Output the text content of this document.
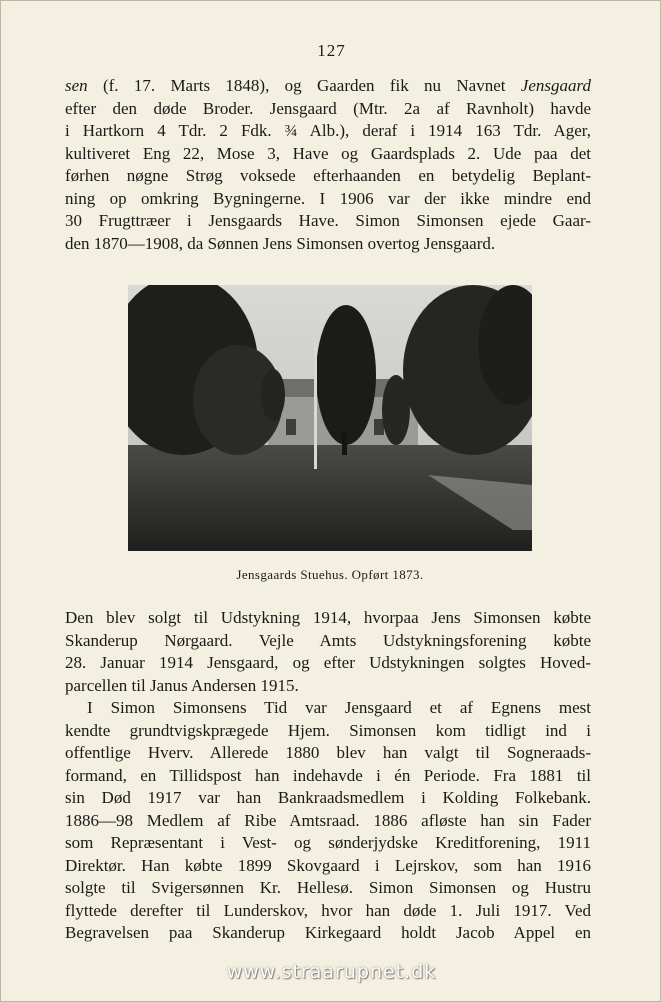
127
sen (f. 17. Marts 1848), og Gaarden fik nu Navnet Jensgaard
efter den døde Broder. Jensgaard (Mtr. 2a af Ravnholt) havde
i Hartkorn 4 Tdr. 2 Fdk. ¾ Alb.), deraf i 1914 163 Tdr. Ager,
kultiveret Eng 22, Mose 3, Have og Gaardsplads 2. Ude paa det
førhen nøgne Strøg voksede efterhaanden en betydelig Beplant-
ning op omkring Bygningerne. I 1906 var der ikke mindre end
30 Frugttræer i Jensgaards Have. Simon Simonsen ejede Gaar-
den 1870—1908, da Sønnen Jens Simonsen overtog Jensgaard.
Jensgaards Stuehus. Opført 1873.
Den blev solgt til Udstykning 1914, hvorpaa Jens Simonsen købte
Skanderup Nørgaard. Vejle Amts Udstykningsforening købte
28. Januar 1914 Jensgaard, og efter Udstykningen solgtes Hoved-
parcellen til Janus Andersen 1915.
I Simon Simonsens Tid var Jensgaard et af Egnens mest
kendte grundtvigskprægede Hjem. Simonsen kom tidligt ind i
offentlige Hverv. Allerede 1880 blev han valgt til Sogneraads-
formand, en Tillidspost han indehavde i én Periode. Fra 1881 til
sin Død 1917 var han Bankraadsmedlem i Kolding Folkebank.
1886—98 Medlem af Ribe Amtsraad. 1886 afløste han sin Fader
som Repræsentant i Vest- og sønderjydske Kreditforening, 1911
Direktør. Han købte 1899 Skovgaard i Lejrskov, som han 1916
solgte til Svigersønnen Kr. Hellesø. Simon Simonsen og Hustru
flyttede derefter til Lunderskov, hvor han døde 1. Juli 1917. Ved
Begravelsen paa Skanderup Kirkegaard holdt Jacob Appel en
www.straarupnet.dk
